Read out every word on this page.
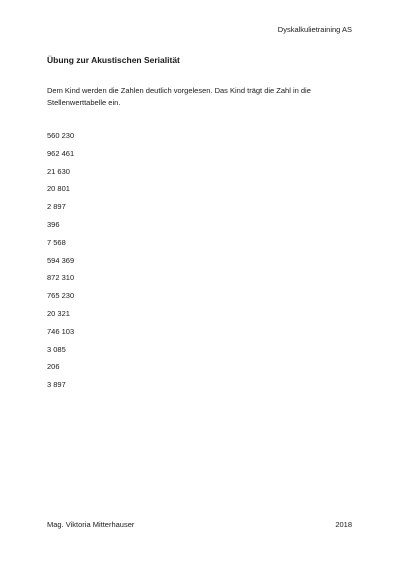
Dyskalkulietraining AS
Übung zur Akustischen Serialität
Dem Kind werden die Zahlen deutlich vorgelesen. Das Kind trägt die Zahl in die
Stellenwerttabelle ein.
560 230
962 461
21 630
20 801
2 897
396
7 568
594 369
872 310
765 230
20 321
746 103
3 085
206
3 897
Mag. Viktoria Mitterhauser	2018
